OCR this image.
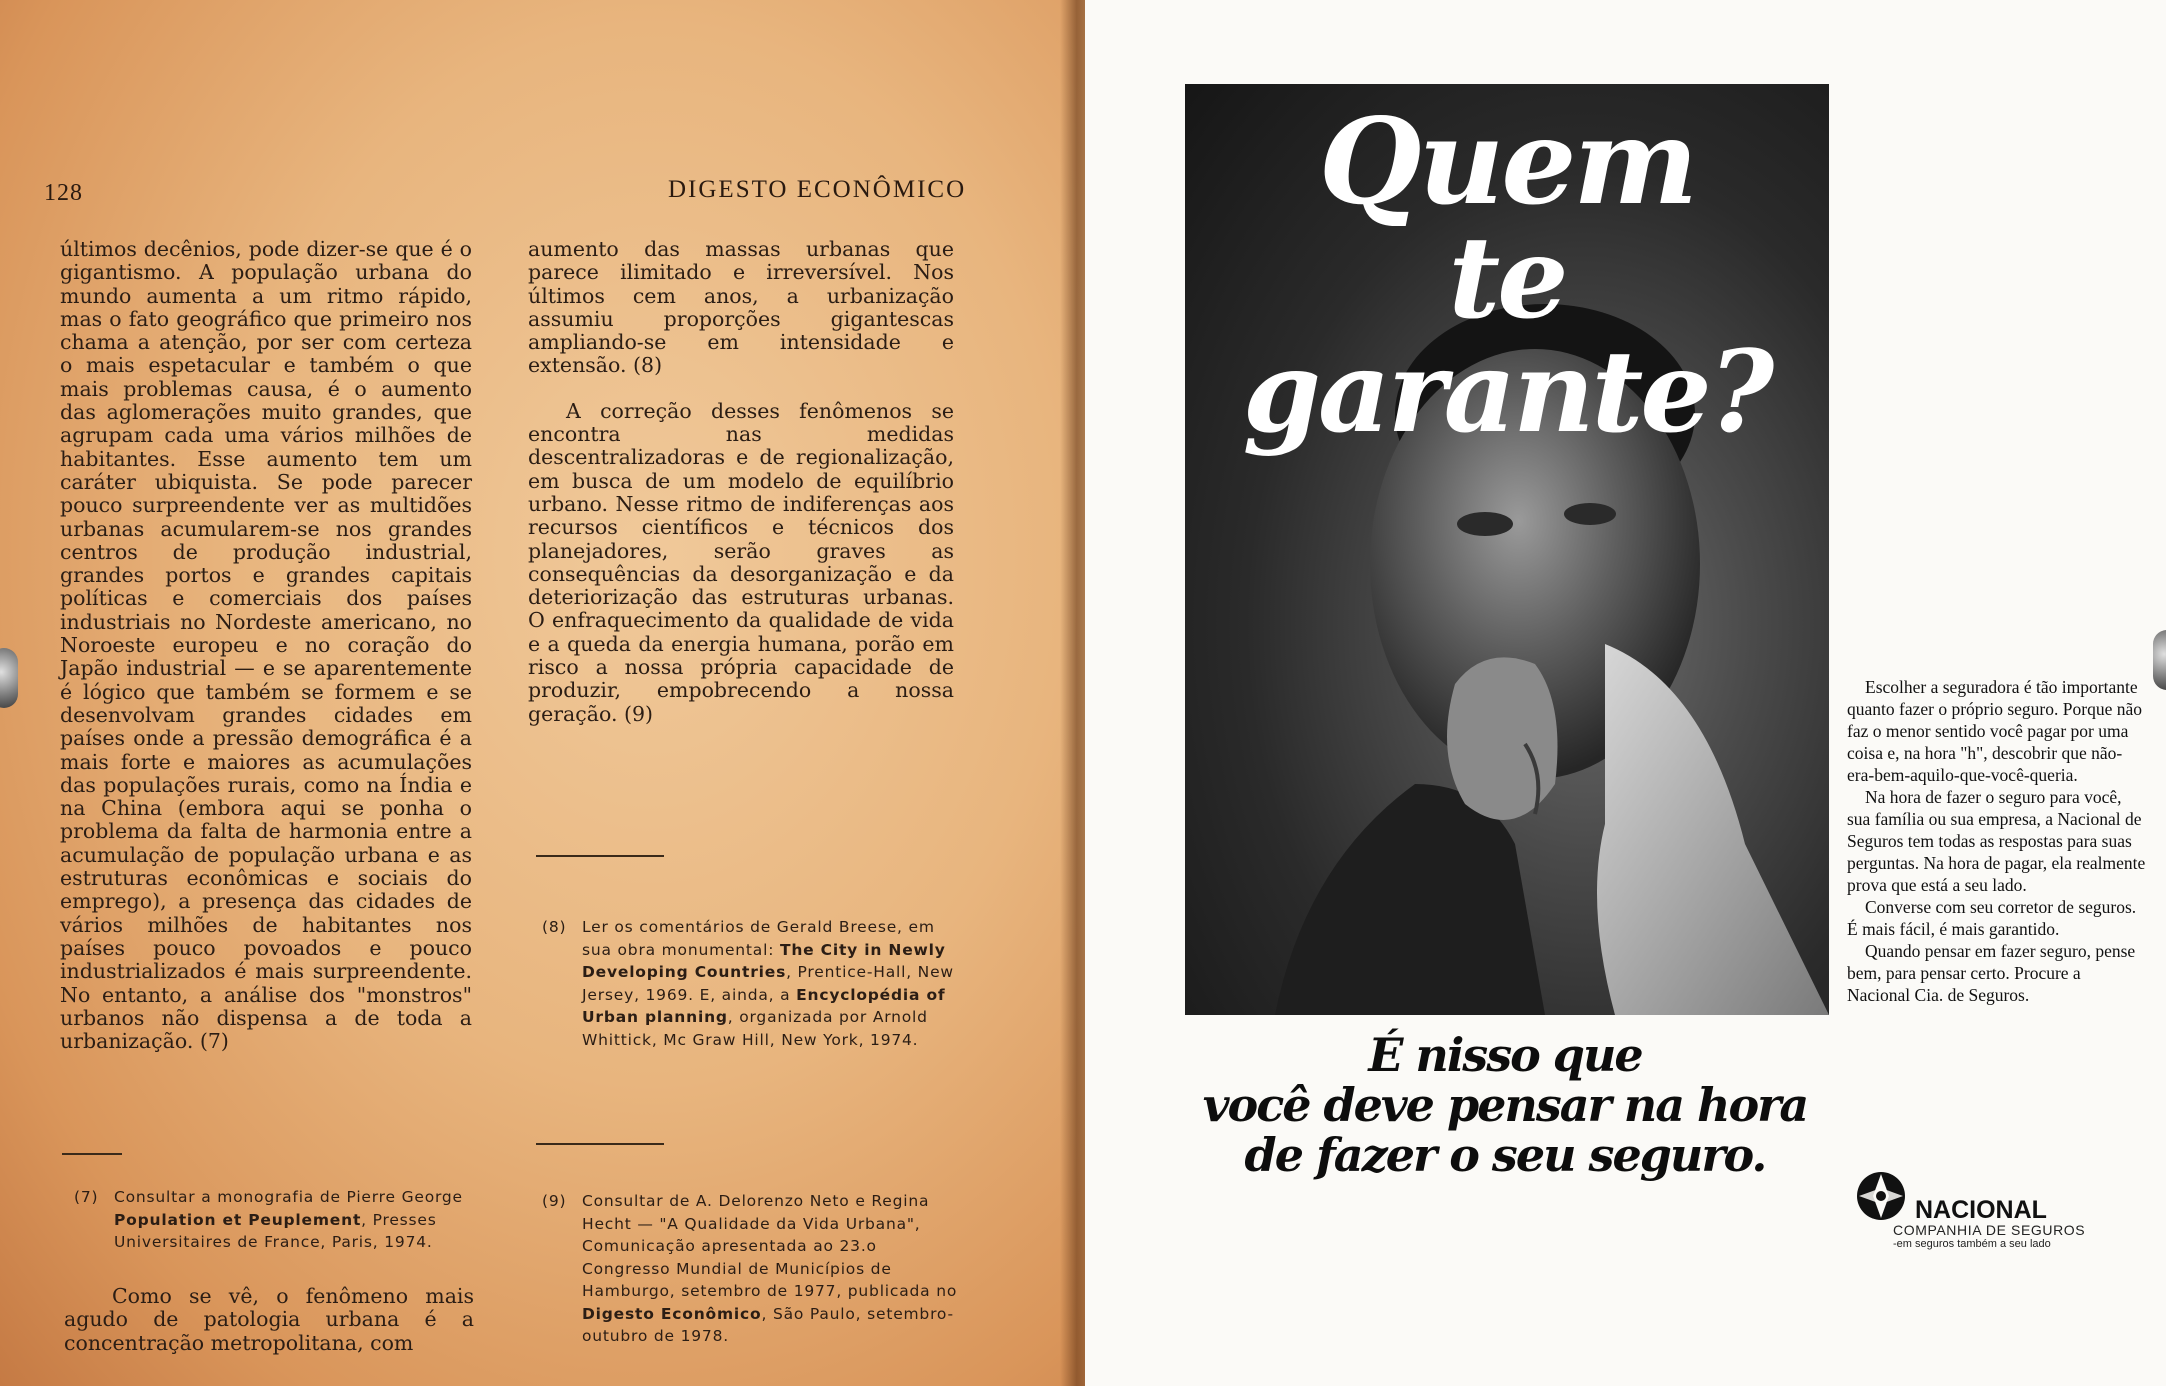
128	DIGESTO ECONÔMICO

últimos decênios, pode dizer-se que é o gigantismo. A população urbana do mundo aumenta a um ritmo rápido, mas o fato geográfico que primeiro nos chama a atenção, por ser com certeza o mais espetacular e também o que mais problemas causa, é o aumento das aglomerações muito grandes, que agrupam cada uma vários milhões de habitantes. Esse aumento tem um caráter ubiquista. Se pode parecer pouco surpreendente ver as multidões urbanas acumularem-se nos grandes centros de produção industrial, grandes portos e grandes capitais políticas e comerciais dos países industriais no Nordeste americano, no Noroeste europeu e no coração do Japão industrial — e se aparentemente é lógico que também se formem e se desenvolvam grandes cidades em países onde a pressão demográfica é a mais forte e maiores as acumulações das populações rurais, como na Índia e na China (embora aqui se ponha o problema da falta de harmonia entre a acumulação de população urbana e as estruturas econômicas e sociais do emprego), a presença das cidades de vários milhões de habitantes nos países pouco povoados e pouco industrializados é mais surpreendente. No entanto, a análise dos "monstros" urbanos não dispensa a de toda a urbanização. (7)

aumento das massas urbanas que parece ilimitado e irreversível. Nos últimos cem anos, a urbanização assumiu proporções gigantescas ampliando-se em intensidade e extensão. (8)

A correção desses fenômenos se encontra nas medidas descentralizadoras e de regionalização, em busca de um modelo de equilíbrio urbano. Nesse ritmo de indiferenças aos recursos científicos e técnicos dos planejadores, serão graves as consequências da desorganização e da deteriorização das estruturas urbanas. O enfraquecimento da qualidade de vida e a queda da energia humana, porão em risco a nossa própria capacidade de produzir, empobrecendo a nossa geração. (9)

(8) Ler os comentários de Gerald Breese, em sua obra monumental: The City in Newly Developing Countries, Prentice-Hall, New Jersey, 1969. E, ainda, a Encyclopédia of Urban planning, organizada por Arnold Whittick, Mc Graw Hill, New York, 1974.
(9) Consultar de A. Delorenzo Neto e Regina Hecht — "A Qualidade da Vida Urbana", Comunicação apresentada ao 23.o Congresso Mundial de Municípios de Hamburgo, setembro de 1977, publicada no Digesto Econômico, São Paulo, setembro-outubro de 1978.
(7) Consultar a monografia de Pierre George Population et Peuplement, Presses Universitaires de France, Paris, 1974.

Como se vê, o fenômeno mais agudo de patologia urbana é a concentração metropolitana, com

Quem
te garante?
É nisso que
você deve pensar na hora
de fazer o seu seguro.

Escolher a seguradora é tão importante quanto fazer o próprio seguro. Porque não faz o menor sentido você pagar por uma coisa e, na hora "h", descobrir que não-era-bem-aquilo-que-você-queria.

Na hora de fazer o seguro para você, sua família ou sua empresa, a Nacional de Seguros tem todas as respostas para suas perguntas. Na hora de pagar, ela realmente prova que está a seu lado.

Converse com seu corretor de seguros. É mais fácil, é mais garantido.

Quando pensar em fazer seguro, pense bem, para pensar certo. Procure a Nacional Cia. de Seguros.

NACIONAL
COMPANHIA DE SEGUROS
-em seguros também a seu lado
